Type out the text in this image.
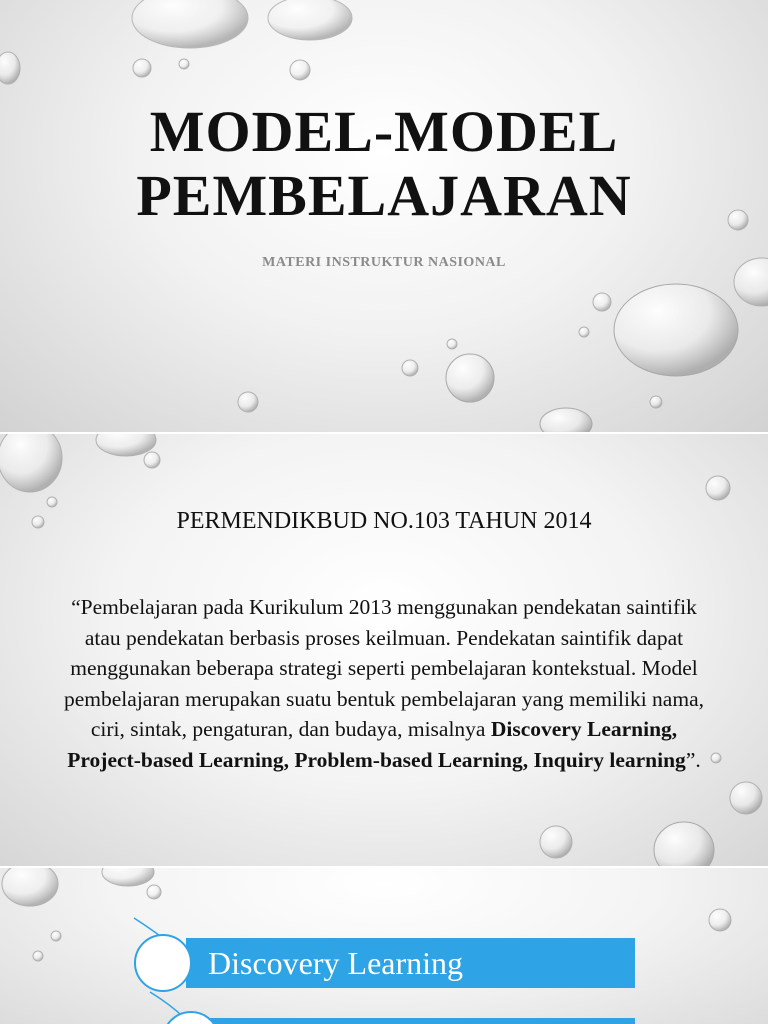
MODEL-MODEL
PEMBELAJARAN
MATERI INSTRUKTUR NASIONAL
PERMENDIKBUD NO.103 TAHUN 2014
“Pembelajaran pada Kurikulum 2013 menggunakan pendekatan saintifik atau pendekatan berbasis proses keilmuan. Pendekatan saintifik dapat menggunakan beberapa strategi seperti pembelajaran kontekstual. Model pembelajaran merupakan suatu bentuk pembelajaran yang memiliki nama, ciri, sintak, pengaturan, dan budaya, misalnya Discovery Learning, Project-based Learning, Problem-based Learning, Inquiry learning”.
Discovery Learning
